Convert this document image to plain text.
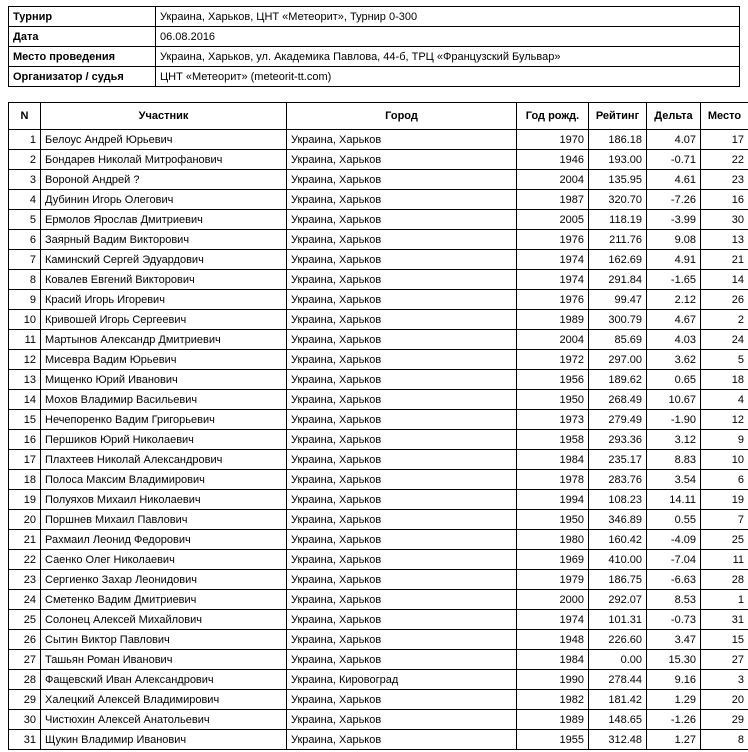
Турнир	Украина, Харьков, ЦНТ «Метеорит», Турнир 0-300
Дата	06.08.2016
Место проведения	Украина, Харьков, ул. Академика Павлова, 44-б, ТРЦ «Французский Бульвар»
Организатор / судья	ЦНТ «Метеорит» (meteorit-tt.com)
N	Участник	Город	Год рожд.	Рейтинг	Дельта	Место
1	Белоус Андрей Юрьевич	Украина, Харьков	1970	186.18	4.07	17
2	Бондарев Николай Митрофанович	Украина, Харьков	1946	193.00	-0.71	22
3	Вороной Андрей ?	Украина, Харьков	2004	135.95	4.61	23
4	Дубинин Игорь Олегович	Украина, Харьков	1987	320.70	-7.26	16
5	Ермолов Ярослав Дмитриевич	Украина, Харьков	2005	118.19	-3.99	30
6	Заярный Вадим Викторович	Украина, Харьков	1976	211.76	9.08	13
7	Каминский Сергей Эдуардович	Украина, Харьков	1974	162.69	4.91	21
8	Ковалев Евгений Викторович	Украина, Харьков	1974	291.84	-1.65	14
9	Красий Игорь Игоревич	Украина, Харьков	1976	99.47	2.12	26
10	Кривошей Игорь Сергеевич	Украина, Харьков	1989	300.79	4.67	2
11	Мартынов Александр Дмитриевич	Украина, Харьков	2004	85.69	4.03	24
12	Мисевра Вадим Юрьевич	Украина, Харьков	1972	297.00	3.62	5
13	Мищенко Юрий Иванович	Украина, Харьков	1956	189.62	0.65	18
14	Мохов Владимир Васильевич	Украина, Харьков	1950	268.49	10.67	4
15	Нечепоренко Вадим Григорьевич	Украина, Харьков	1973	279.49	-1.90	12
16	Першиков Юрий Николаевич	Украина, Харьков	1958	293.36	3.12	9
17	Плахтеев Николай Александрович	Украина, Харьков	1984	235.17	8.83	10
18	Полоса Максим Владимирович	Украина, Харьков	1978	283.76	3.54	6
19	Полуяхов Михаил Николаевич	Украина, Харьков	1994	108.23	14.11	19
20	Поршнев Михаил Павлович	Украина, Харьков	1950	346.89	0.55	7
21	Рахмаил Леонид Федорович	Украина, Харьков	1980	160.42	-4.09	25
22	Саенко Олег Николаевич	Украина, Харьков	1969	410.00	-7.04	11
23	Сергиенко Захар Леонидович	Украина, Харьков	1979	186.75	-6.63	28
24	Сметенко Вадим Дмитриевич	Украина, Харьков	2000	292.07	8.53	1
25	Солонец Алексей Михайлович	Украина, Харьков	1974	101.31	-0.73	31
26	Сытин Виктор Павлович	Украина, Харьков	1948	226.60	3.47	15
27	Ташьян Роман Иванович	Украина, Харьков	1984	0.00	15.30	27
28	Фащевский Иван Александрович	Украина, Кировоград	1990	278.44	9.16	3
29	Халецкий Алексей Владимирович	Украина, Харьков	1982	181.42	1.29	20
30	Чистюхин Алексей Анатольевич	Украина, Харьков	1989	148.65	-1.26	29
31	Щукин Владимир Иванович	Украина, Харьков	1955	312.48	1.27	8
